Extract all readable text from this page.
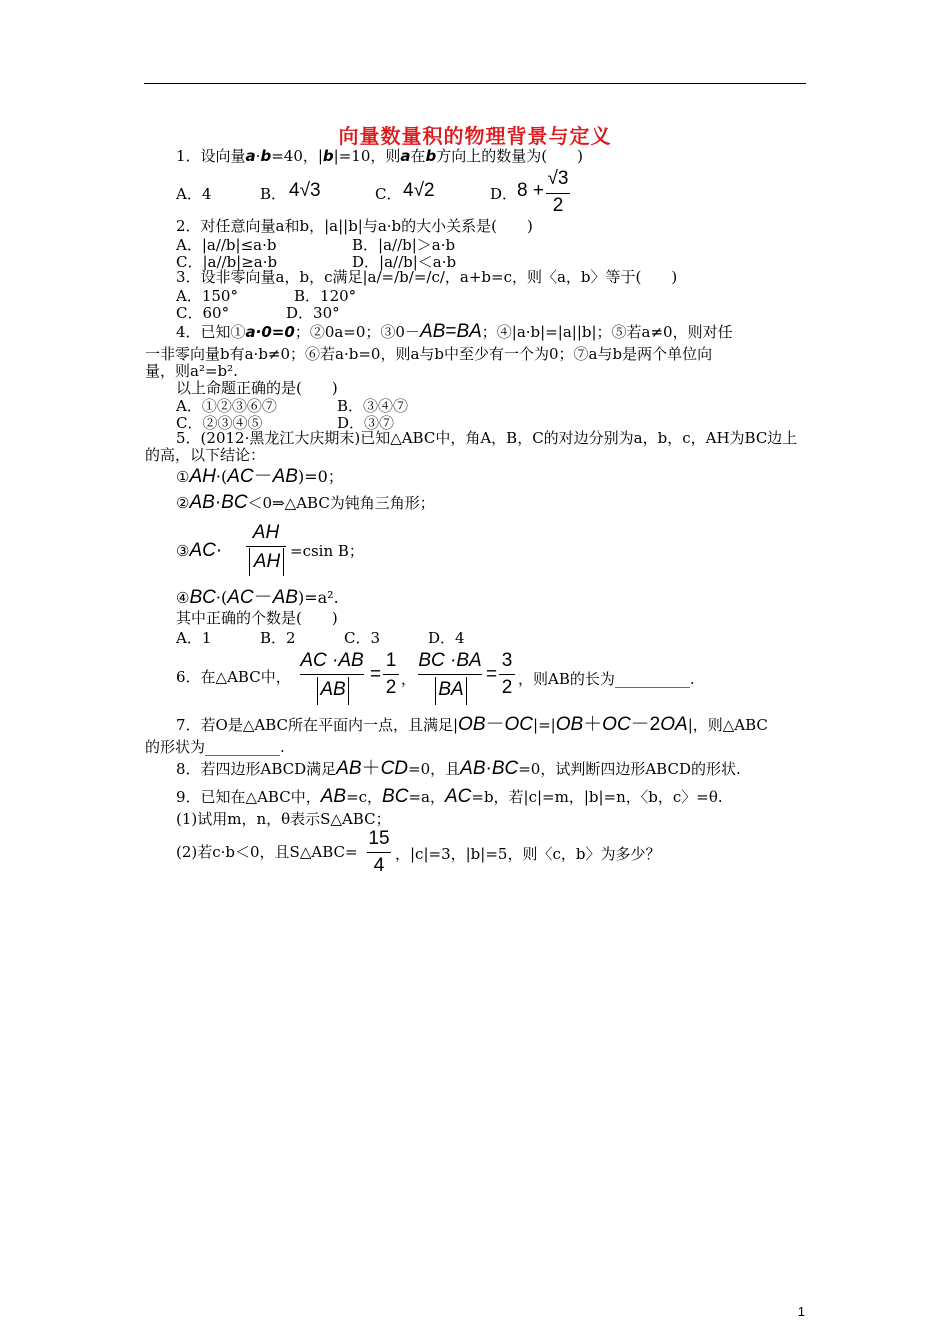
向量数量积的物理背景与定义
1．设向量a·b=40，|b|=10，则a在b方向上的数量为(　　)
A．4	B． 4√3	C． 4√2	D． 8 +
√3
2
2．对任意向量a和b，|a||b|与a·b的大小关系是(　　)
A．|a//b|≤a·b	B．|a//b|＞a·b
C．|a//b|≥a·b	D．|a//b|＜a·b
3．设非零向量a，b，c满足|a/=/b/=/c/，a+b=c，则〈a，b〉等于(　　)
A．150°	B．120°
C．60°	D．30°
4．已知①a·0=0；②0a=0；③0－AB=BA；④|a·b|=|a||b|；⑤若a≠0，则对任
一非零向量b有a·b≠0；⑥若a·b=0，则a与b中至少有一个为0；⑦a与b是两个单位向
量，则a²=b².
以上命题正确的是(　　)
A．①②③⑥⑦	B．③④⑦
C．②③④⑤	D．③⑦
5．(2012·黑龙江大庆期末)已知△ABC中，角A，B，C的对边分别为a，b，c，AH为BC边上
的高，以下结论：
①AH·(AC－AB)=0；
②AB·BC＜0⇒△ABC为钝角三角形；
③AC·
AH
AH =csin B；
④BC·(AC－AB)=a².
其中正确的个数是(　　)
A．1	B．2	C．3	D．4
6．在△ABC中，
AC ·AB
AB
=
1
2 ，
BC ·BA
BA
=
3
2 ，则AB的长为__________.
7．若O是△ABC所在平面内一点，且满足|OB－OC|=|OB＋OC－2OA|，则△ABC
的形状为__________.
8．若四边形ABCD满足AB＋CD=0，且AB·BC=0，试判断四边形ABCD的形状.
9．已知在△ABC中，AB=c，BC=a，AC=b，若|c|=m，|b|=n，〈b，c〉=θ.
(1)试用m，n，θ表示S△ABC；
(2)若c·b＜0，且S△ABC=
15
4
，|c|=3，|b|=5，则〈c，b〉为多少？
1
